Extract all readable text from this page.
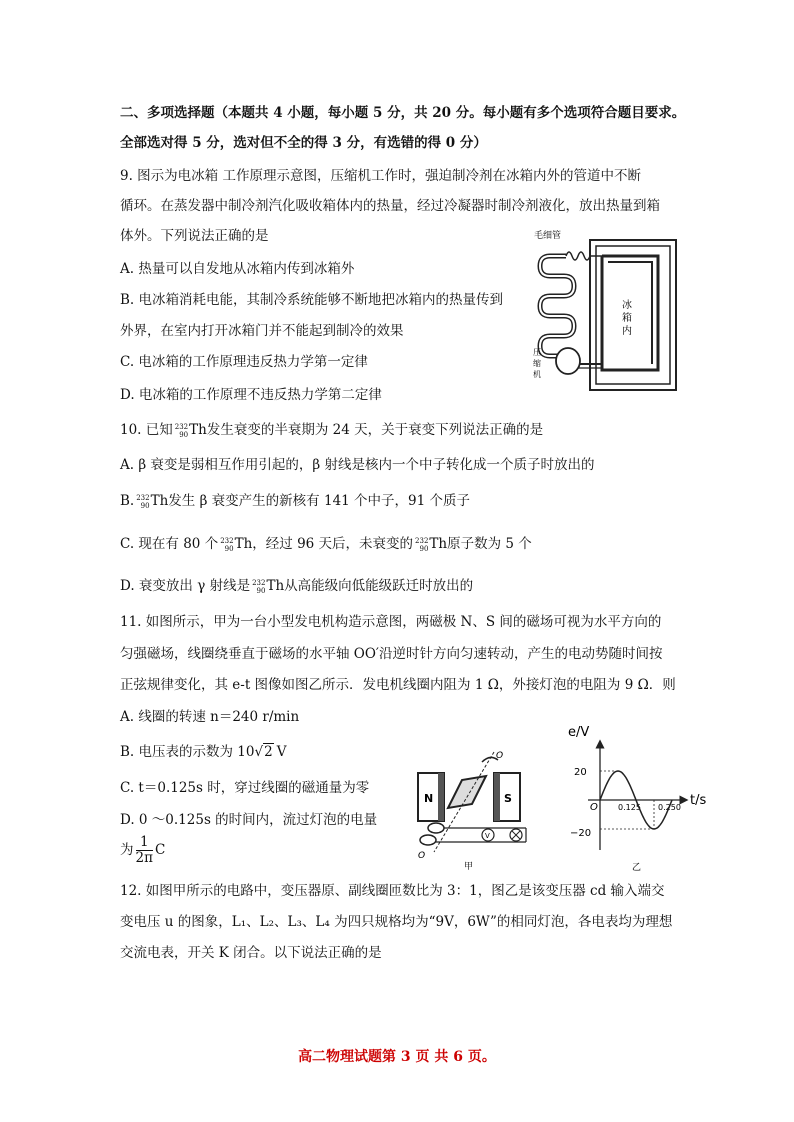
二、多项选择题（本题共 4 小题，每小题 5 分，共 20 分。每小题有多个选项符合题目要求。
全部选对得 5 分，选对但不全的得 3 分，有选错的得 0 分）
9. 图示为电冰箱 工作原理示意图，压缩机工作时，强迫制冷剂在冰箱内外的管道中不断
循环。在蒸发器中制冷剂汽化吸收箱体内的热量，经过冷凝器时制冷剂液化，放出热量到箱
体外。下列说法正确的是
A. 热量可以自发地从冰箱内传到冰箱外
B. 电冰箱消耗电能，其制冷系统能够不断地把冰箱内的热量传到
外界，在室内打开冰箱门并不能起到制冷的效果
C. 电冰箱的工作原理违反热力学第一定律
D. 电冰箱的工作原理不违反热力学第二定律
毛细管
冰
箱
内
压
缩
机
10. 已知 232
90 Th发生衰变的半衰期为 24 天，关于衰变下列说法正确的是
A. β 衰变是弱相互作用引起的，β 射线是核内一个中子转化成一个质子时放出的
B. 232
90 Th发生 β 衰变产生的新核有 141 个中子，91 个质子
C. 现在有 80 个 232
90 Th，经过 96 天后，未衰变的 232
90 Th原子数为 5 个
D. 衰变放出 γ 射线是 232
90 Th从高能级向低能级跃迁时放出的
11. 如图所示，甲为一台小型发电机构造示意图，两磁极 N、S 间的磁场可视为水平方向的
匀强磁场，线圈绕垂直于磁场的水平轴 OO′沿逆时针方向匀速转动，产生的电动势随时间按
正弦规律变化，其 e-t 图像如图乙所示．发电机线圈内阻为 1 Ω，外接灯泡的电阻为 9 Ω．则
A. 线圈的转速 n＝240 r/min
B. 电压表的示数为 10√2 V
C. t＝0.125s 时，穿过线圈的磁通量为零
D. 0 ～0.125s 的时间内，流过灯泡的电量
为 $\frac{1}{2\pi}$ C
N	S
O
V
O
甲
e/V
t/s
20
−20
O	0.125 0.250
乙
12. 如图甲所示的电路中，变压器原、副线圈匝数比为 3：1，图乙是该变压器 cd 输入端交
变电压 u 的图象，L₁、L₂、L₃、L₄ 为四只规格均为“9V，6W”的相同灯泡，各电表均为理想
交流电表，开关 K 闭合。以下说法正确的是
高二物理试题第 3 页 共 6 页。
